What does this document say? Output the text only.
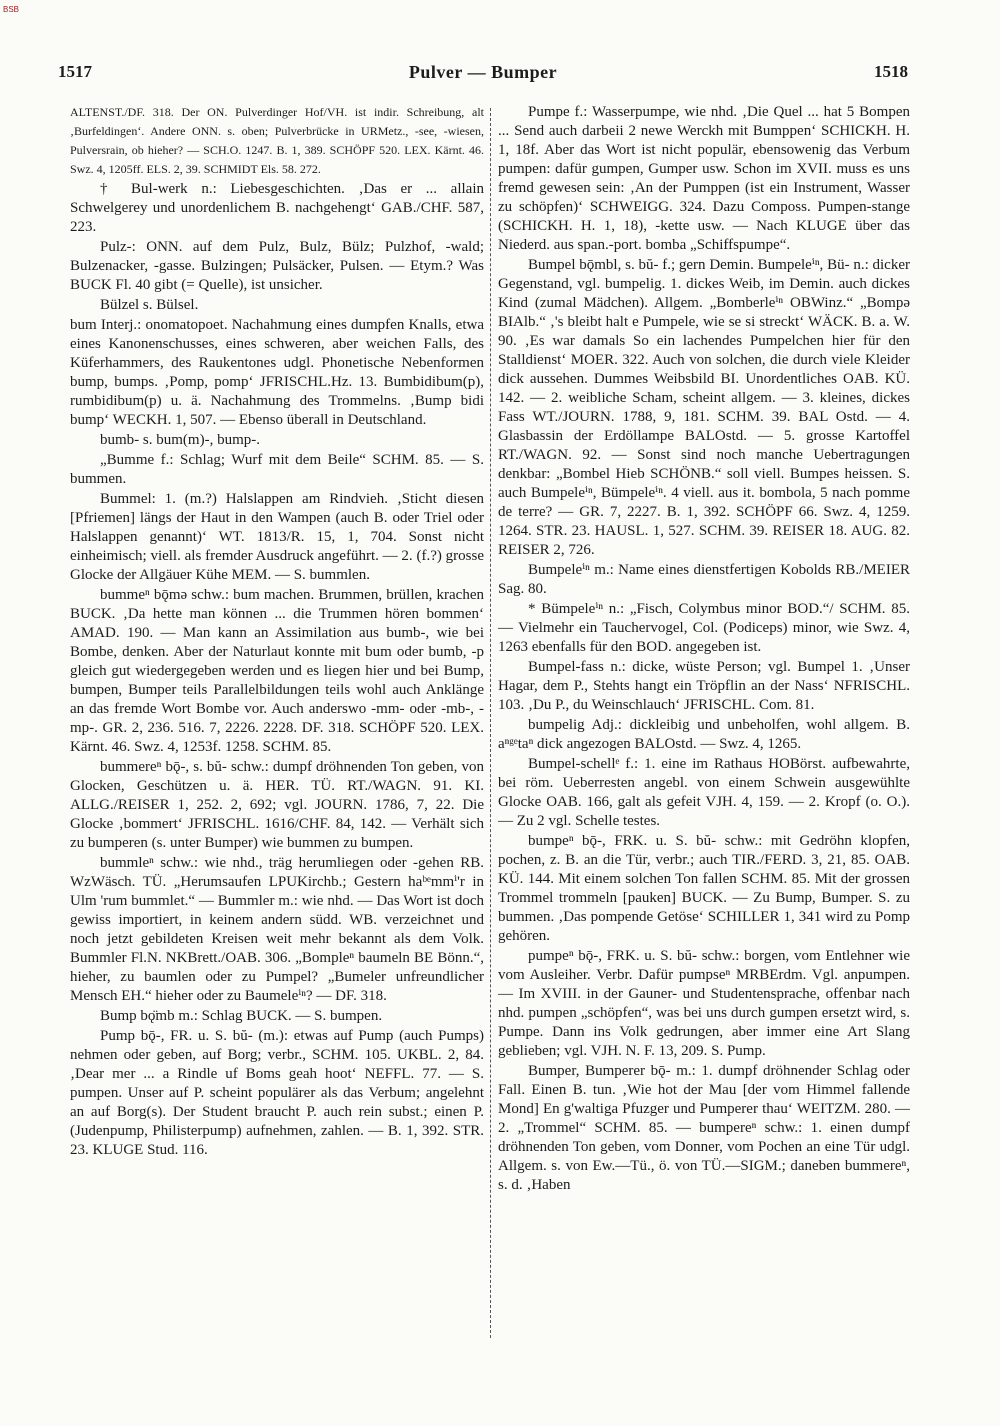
BSB
1517	Pulver — Bumper	1518

ALTENST./DF. 318. Der ON. Pulverdinger Hof/VH. ist indir. Schreibung, alt ‚Burfeldingen‘. Andere ONN. s. oben; Pulverbrücke in URMetz., -see, -wiesen, Pulversrain, ob hieher? — SCH.O. 1247. B. 1, 389. SCHÖPF 520. LEX. Kärnt. 46. Swz. 4, 1205ff. ELS. 2, 39. SCHMIDT Els. 58. 272.

† Bul-werk n.: Liebesgeschichten. ‚Das er ... allain Schwelgerey und unordenlichem B. nachgehengt‘ GAB./CHF. 587, 223.

Pulz-: ONN. auf dem Pulz, Bulz, Bülz; Pulzhof, -wald; Bulzenacker, -gasse. Bulzingen; Pulsäcker, Pulsen. — Etym.? Was BUCK Fl. 40 gibt (= Quelle), ist unsicher.

Bülzel s. Bülsel.

bum Interj.: onomatopoet. Nachahmung eines dumpfen Knalls, etwa eines Kanonenschusses, eines schweren, aber weichen Falls, des Küferhammers, des Raukentones udgl. Phonetische Nebenformen bump, bumps. ‚Pomp, pomp‘ JFRISCHL.Hz. 13. Bumbidibum(p), rumbidibum(p) u. ä. Nachahmung des Trommelns. ‚Bump bidi bump‘ WECKH. 1, 507. — Ebenso überall in Deutschland.

bumb- s. bum(m)-, bump-.

„Bumme f.: Schlag; Wurf mit dem Beile“ SCHM. 85. — S. bummen.

Bummel: 1. (m.?) Halslappen am Rindvieh. ‚Sticht diesen [Pfriemen] längs der Haut in den Wampen (auch B. oder Triel oder Halslappen genannt)‘ WT. 1813/R. 15, 1, 704. Sonst nicht einheimisch; viell. als fremder Ausdruck angeführt. — 2. (f.?) grosse Glocke der Allgäuer Kühe MEM. — S. bummlen.

bummeⁿ bǭmə schw.: bum machen. Brummen, brüllen, krachen BUCK. ‚Da hette man können ... die Trummen hören bommen‘ AMAD. 190. — Man kann an Assimilation aus bumb-, wie bei Bombe, denken. Aber der Naturlaut konnte mit bum oder bumb, -p gleich gut wiedergegeben werden und es liegen hier und bei Bump, bumpen, Bumper teils Parallelbildungen teils wohl auch Anklänge an das fremde Wort Bombe vor. Auch anderswo -mm- oder -mb-, -mp-. GR. 2, 236. 516. 7, 2226. 2228. DF. 318. SCHÖPF 520. LEX. Kärnt. 46. Swz. 4, 1253f. 1258. SCHM. 85.

bummereⁿ bǭ-, s. bŭ- schw.: dumpf dröhnenden Ton geben, von Glocken, Geschützen u. ä. HER. TÜ. RT./WAGN. 91. KI. ALLG./REISER 1, 252. 2, 692; vgl. JOURN. 1786, 7, 22. Die Glocke ‚bommert‘ JFRISCHL. 1616/CHF. 84, 142. — Verhält sich zu bumperen (s. unter Bumper) wie bummen zu bumpen.

bummleⁿ schw.: wie nhd., träg herumliegen oder -gehen RB. WzWäsch. TÜ. „Herumsaufen LPUKirchb.; Gestern haᵇᵉmmⁱ'r in Ulm 'rum bummlet.“ — Bummler m.: wie nhd. — Das Wort ist doch gewiss importiert, in keinem andern südd. WB. verzeichnet und noch jetzt gebildeten Kreisen weit mehr bekannt als dem Volk. Bummler Fl.N. NKBrett./OAB. 306. „Bompleⁿ baumeln BE Bönn.“, hieher, zu baumlen oder zu Pumpel? „Bumeler unfreundlicher Mensch EH.“ hieher oder zu Baumeleⁱⁿ? — DF. 318.

Bump bǫ̈mb m.: Schlag BUCK. — S. bumpen.

Pump bǭ-, FR. u. S. bŭ- (m.): etwas auf Pump (auch Pumps) nehmen oder geben, auf Borg; verbr., SCHM. 105. UKBL. 2, 84. ‚Dear mer ... a Rindle uf Boms geah hoot‘ NEFFL. 77. — S. pumpen. Unser auf P. scheint populärer als das Verbum; angelehnt an auf Borg(s). Der Student braucht P. auch rein subst.; einen P. (Judenpump, Philisterpump) aufnehmen, zahlen. — B. 1, 392. STR. 23. KLUGE Stud. 116.

Pumpe f.: Wasserpumpe, wie nhd. ‚Die Quel ... hat 5 Bompen ... Send auch darbeii 2 newe Werckh mit Bumppen‘ SCHICKH. H. 1, 18f. Aber das Wort ist nicht populär, ebensowenig das Verbum pumpen: dafür gumpen, Gumper usw. Schon im XVII. muss es uns fremd gewesen sein: ‚An der Pumppen (ist ein Instrument, Wasser zu schöpfen)‘ SCHWEIGG. 324. Dazu Composs. Pumpen-stange (SCHICKH. H. 1, 18), -kette usw. — Nach KLUGE über das Niederd. aus span.-port. bomba „Schiffspumpe“.

Bumpel bǭmbl, s. bŭ- f.; gern Demin. Bumpeleⁱⁿ, Bü- n.: dicker Gegenstand, vgl. bumpelig. 1. dickes Weib, im Demin. auch dickes Kind (zumal Mädchen). Allgem. „Bomberleⁱⁿ OBWinz.“ „Bompə BIAlb.“ ‚'s bleibt halt e Pumpele, wie se si streckt‘ WÄCK. B. a. W. 90. ‚Es war damals So ein lachendes Pumpelchen hier für den Stalldienst‘ MOER. 322. Auch von solchen, die durch viele Kleider dick aussehen. Dummes Weibsbild BI. Unordentliches OAB. KÜ. 142. — 2. weibliche Scham, scheint allgem. — 3. kleines, dickes Fass WT./JOURN. 1788, 9, 181. SCHM. 39. BAL Ostd. — 4. Glasbassin der Erdöllampe BALOstd. — 5. grosse Kartoffel RT./WAGN. 92. — Sonst sind noch manche Uebertragungen denkbar: „Bombel Hieb SCHÖNB.“ soll viell. Bumpes heissen. S. auch Bumpeleⁱⁿ, Bümpeleⁱⁿ. 4 viell. aus it. bombola, 5 nach pomme de terre? — GR. 7, 2227. B. 1, 392. SCHÖPF 66. Swz. 4, 1259. 1264. STR. 23. HAUSL. 1, 527. SCHM. 39. REISER 18. AUG. 82. REISER 2, 726.

Bumpeleⁱⁿ m.: Name eines dienstfertigen Kobolds RB./MEIER Sag. 80.

* Bümpeleⁱⁿ n.: „Fisch, Colymbus minor BOD.“/ SCHM. 85. — Vielmehr ein Tauchervogel, Col. (Podiceps) minor, wie Swz. 4, 1263 ebenfalls für den BOD. angegeben ist.

Bumpel-fass n.: dicke, wüste Person; vgl. Bumpel 1. ‚Unser Hagar, dem P., Stehts hangt ein Tröpflin an der Nass‘ NFRISCHL. 103. ‚Du P., du Weinschlauch‘ JFRISCHL. Com. 81.

bumpelig Adj.: dickleibig und unbeholfen, wohl allgem. B. aⁿᵍᵉtaⁿ dick angezogen BALOstd. — Swz. 4, 1265.

Bumpel-schellᵉ f.: 1. eine im Rathaus HOBörst. aufbewahrte, bei röm. Ueberresten angebl. von einem Schwein ausgewühlte Glocke OAB. 166, galt als gefeit VJH. 4, 159. — 2. Kropf (o. O.). — Zu 2 vgl. Schelle testes.

bumpeⁿ bǭ-, FRK. u. S. bŭ- schw.: mit Gedröhn klopfen, pochen, z. B. an die Tür, verbr.; auch TIR./FERD. 3, 21, 85. OAB. KÜ. 144. Mit einem solchen Ton fallen SCHM. 85. Mit der grossen Trommel trommeln [pauken] BUCK. — Zu Bump, Bumper. S. zu bummen. ‚Das pompende Getöse‘ SCHILLER 1, 341 wird zu Pomp gehören.

pumpeⁿ bǭ-, FRK. u. S. bŭ- schw.: borgen, vom Entlehner wie vom Ausleiher. Verbr. Dafür pumpseⁿ MRBErdm. Vgl. anpumpen. — Im XVIII. in der Gauner- und Studentensprache, offenbar nach nhd. pumpen „schöpfen“, was bei uns durch gumpen ersetzt wird, s. Pumpe. Dann ins Volk gedrungen, aber immer eine Art Slang geblieben; vgl. VJH. N. F. 13, 209. S. Pump.

Bumper, Bumperer bǭ- m.: 1. dumpf dröhnender Schlag oder Fall. Einen B. tun. ‚Wie hot der Mau [der vom Himmel fallende Mond] En g'waltiga Pfuzger und Pumperer thau‘ WEITZM. 280. — 2. „Trommel“ SCHM. 85. — bumpereⁿ schw.: 1. einen dumpf dröhnenden Ton geben, vom Donner, vom Pochen an eine Tür udgl. Allgem. s. von Ew.—Tü., ö. von TÜ.—SIGM.; daneben bummereⁿ, s. d. ‚Haben
